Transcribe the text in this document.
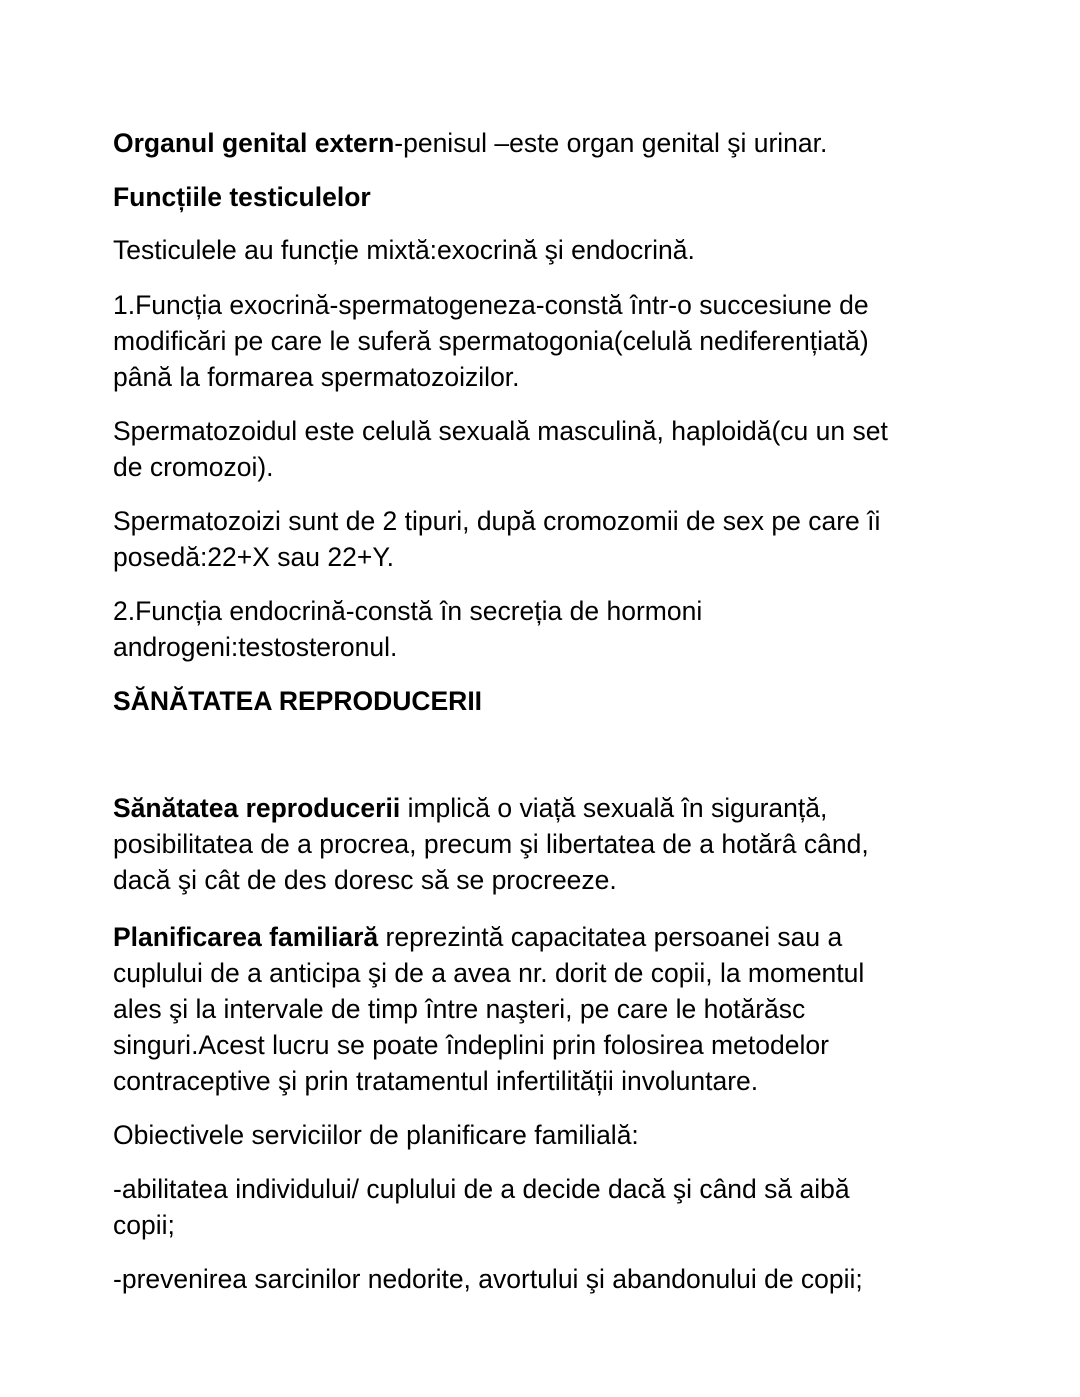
Organul genital extern-penisul –este organ genital şi urinar.
Funcțiile testiculelor
Testiculele au funcție mixtă:exocrină şi endocrină.
1.Funcția exocrină-spermatogeneza-constă într-o succesiune de
modificări pe care le suferă spermatogonia(celulă nediferențiată)
până la formarea spermatozoizilor.
Spermatozoidul este celulă sexuală masculină, haploidă(cu un set
de cromozoi).
Spermatozoizi sunt de 2 tipuri, după cromozomii de sex pe care îi
posedă:22+X sau 22+Y.
2.Funcția endocrină-constă în secreția de hormoni
androgeni:testosteronul.
SĂNĂTATEA REPRODUCERII
Sănătatea reproducerii implică o viață sexuală în siguranță,
posibilitatea de a procrea, precum şi libertatea de a hotărâ când,
dacă şi cât de des doresc să se procreeze.
Planificarea familiară reprezintă capacitatea persoanei sau a
cuplului de a anticipa şi de a avea nr. dorit de copii, la momentul
ales şi la intervale de timp între naşteri, pe care le hotărăsc
singuri.Acest lucru se poate îndeplini prin folosirea metodelor
contraceptive şi prin tratamentul infertilității involuntare.
Obiectivele serviciilor de planificare familială:
-abilitatea individului/ cuplului de a decide dacă şi când să aibă
copii;
-prevenirea sarcinilor nedorite, avortului şi abandonului de copii;
